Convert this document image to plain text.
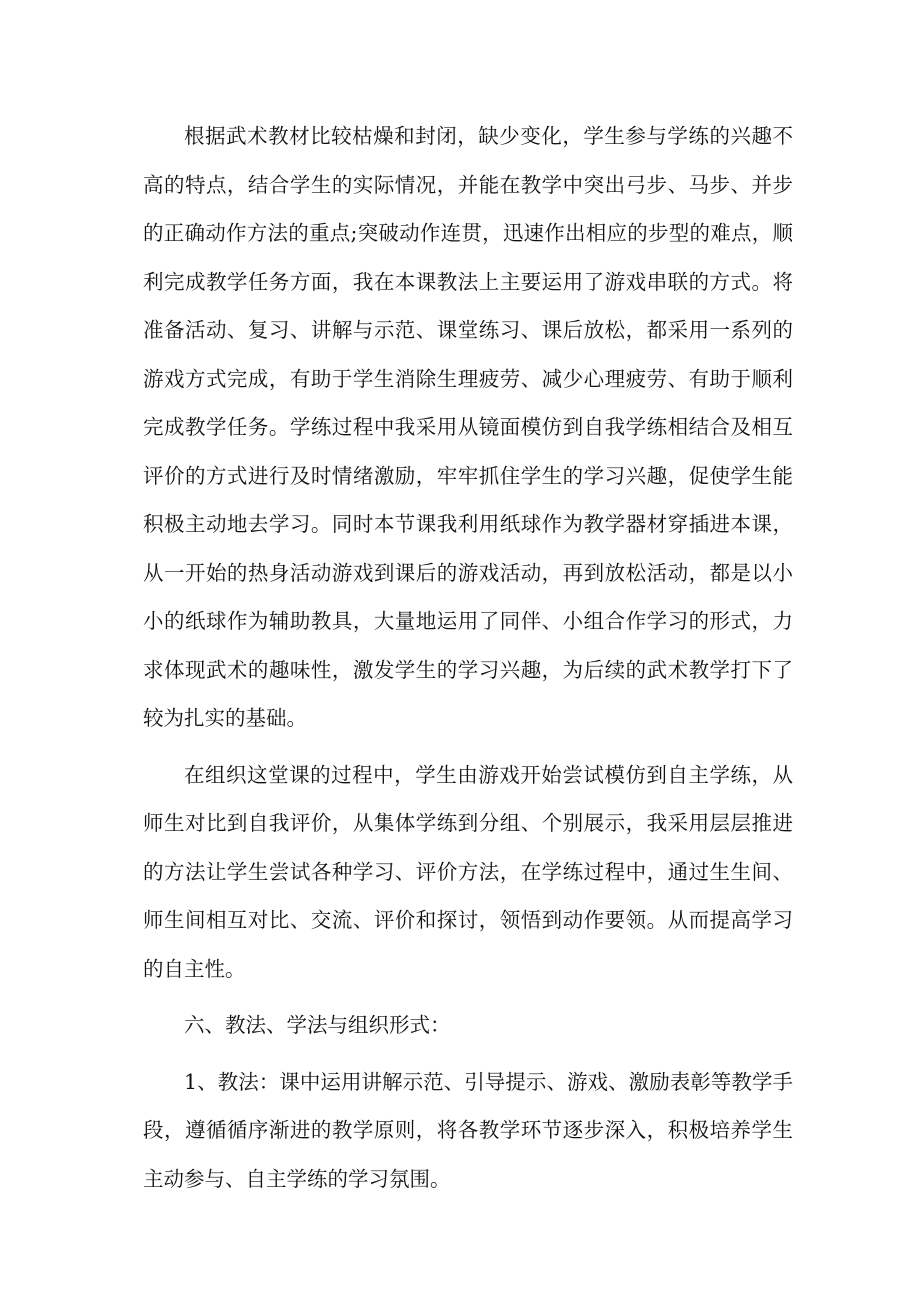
根据武术教材比较枯燥和封闭，缺少变化，学生参与学练的兴趣不高的特点，结合学生的实际情况，并能在教学中突出弓步、马步、并步的正确动作方法的重点;突破动作连贯，迅速作出相应的步型的难点，顺利完成教学任务方面，我在本课教法上主要运用了游戏串联的方式。将准备活动、复习、讲解与示范、课堂练习、课后放松，都采用一系列的游戏方式完成，有助于学生消除生理疲劳、减少心理疲劳、有助于顺利完成教学任务。学练过程中我采用从镜面模仿到自我学练相结合及相互评价的方式进行及时情绪激励，牢牢抓住学生的学习兴趣，促使学生能积极主动地去学习。同时本节课我利用纸球作为教学器材穿插进本课，从一开始的热身活动游戏到课后的游戏活动，再到放松活动，都是以小小的纸球作为辅助教具，大量地运用了同伴、小组合作学习的形式，力求体现武术的趣味性，激发学生的学习兴趣，为后续的武术教学打下了较为扎实的基础。

在组织这堂课的过程中，学生由游戏开始尝试模仿到自主学练，从师生对比到自我评价，从集体学练到分组、个别展示，我采用层层推进的方法让学生尝试各种学习、评价方法，在学练过程中，通过生生间、师生间相互对比、交流、评价和探讨，领悟到动作要领。从而提高学习的自主性。

六、教法、学法与组织形式：

1、教法：课中运用讲解示范、引导提示、游戏、激励表彰等教学手段，遵循循序渐进的教学原则，将各教学环节逐步深入，积极培养学生主动参与、自主学练的学习氛围。
